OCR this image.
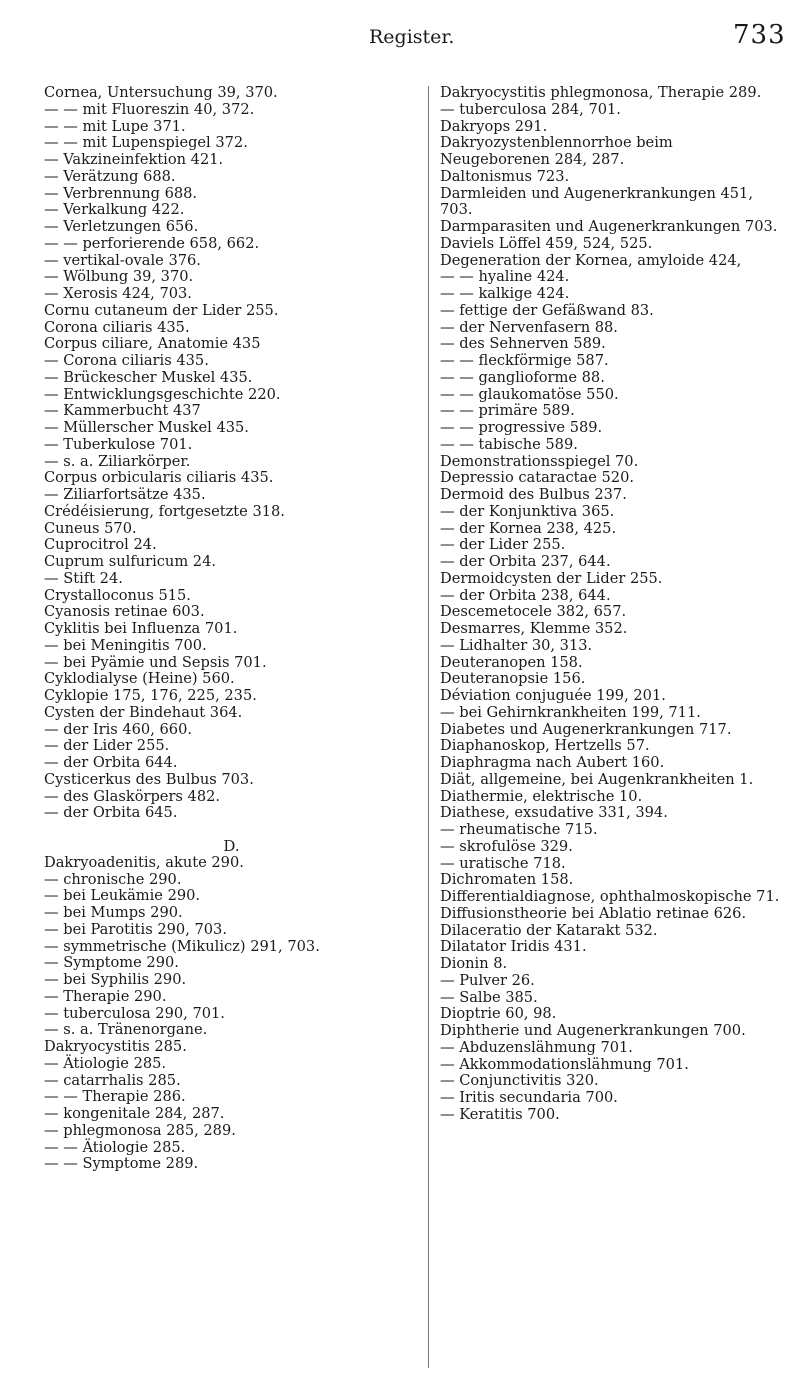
Register.	733
Cornea, Untersuchung 39, 370.
— — mit Fluoreszin 40, 372.
— — mit Lupe 371.
— — mit Lupenspiegel 372.
— Vakzineinfektion 421.
— Verätzung 688.
— Verbrennung 688.
— Verkalkung 422.
— Verletzungen 656.
— — perforierende 658, 662.
— vertikal-ovale 376.
— Wölbung 39, 370.
— Xerosis 424, 703.
Cornu cutaneum der Lider 255.
Corona ciliaris 435.
Corpus ciliare, Anatomie 435
— Corona ciliaris 435.
— Brückescher Muskel 435.
— Entwicklungsgeschichte 220.
— Kammerbucht 437
— Müllerscher Muskel 435.
— Tuberkulose 701.
— s. a. Ziliarkörper.
Corpus orbicularis ciliaris 435.
— Ziliarfortsätze 435.
Crédéisierung, fortgesetzte 318.
Cuneus 570.
Cuprocitrol 24.
Cuprum sulfuricum 24.
— Stift 24.
Crystalloconus 515.
Cyanosis retinae 603.
Cyklitis bei Influenza 701.
— bei Meningitis 700.
— bei Pyämie und Sepsis 701.
Cyklodialyse (Heine) 560.
Cyklopie 175, 176, 225, 235.
Cysten der Bindehaut 364.
— der Iris 460, 660.
— der Lider 255.
— der Orbita 644.
Cysticerkus des Bulbus 703.
— des Glaskörpers 482.
— der Orbita 645.
D.
Dakryoadenitis, akute 290.
— chronische 290.
— bei Leukämie 290.
— bei Mumps 290.
— bei Parotitis 290, 703.
— symmetrische (Mikulicz) 291, 703.
— Symptome 290.
— bei Syphilis 290.
— Therapie 290.
— tuberculosa 290, 701.
— s. a. Tränenorgane.
Dakryocystitis 285.
— Ätiologie 285.
— catarrhalis 285.
— — Therapie 286.
— kongenitale 284, 287.
— phlegmonosa 285, 289.
— — Ätiologie 285.
— — Symptome 289.
Dakryocystitis phlegmonosa, Therapie 289.
— tuberculosa 284, 701.
Dakryops 291.
Dakryozystenblennorrhoe beim Neugeborenen 284, 287.
Daltonismus 723.
Darmleiden und Augenerkrankungen 451, 703.
Darmparasiten und Augenerkrankungen 703.
Daviels Löffel 459, 524, 525.
Degeneration der Kornea, amyloide 424,
— — hyaline 424.
— — kalkige 424.
— fettige der Gefäßwand 83.
— der Nervenfasern 88.
— des Sehnerven 589.
— — fleckförmige 587.
— — ganglioforme 88.
— — glaukomatöse 550.
— — primäre 589.
— — progressive 589.
— — tabische 589.
Demonstrationsspiegel 70.
Depressio cataractae 520.
Dermoid des Bulbus 237.
— der Konjunktiva 365.
— der Kornea 238, 425.
— der Lider 255.
— der Orbita 237, 644.
Dermoidcysten der Lider 255.
— der Orbita 238, 644.
Descemetocele 382, 657.
Desmarres, Klemme 352.
— Lidhalter 30, 313.
Deuteranopen 158.
Deuteranopsie 156.
Déviation conjuguée 199, 201.
— bei Gehirnkrankheiten 199, 711.
Diabetes und Augenerkrankungen 717.
Diaphanoskop, Hertzells 57.
Diaphragma nach Aubert 160.
Diät, allgemeine, bei Augenkrankheiten 1.
Diathermie, elektrische 10.
Diathese, exsudative 331, 394.
— rheumatische 715.
— skrofulöse 329.
— uratische 718.
Dichromaten 158.
Differentialdiagnose, ophthalmoskopische 71.
Diffusionstheorie bei Ablatio retinae 626.
Dilaceratio der Katarakt 532.
Dilatator Iridis 431.
Dionin 8.
— Pulver 26.
— Salbe 385.
Dioptrie 60, 98.
Diphtherie und Augenerkrankungen 700.
— Abduzenslähmung 701.
— Akkommodationslähmung 701.
— Conjunctivitis 320.
— Iritis secundaria 700.
— Keratitis 700.
